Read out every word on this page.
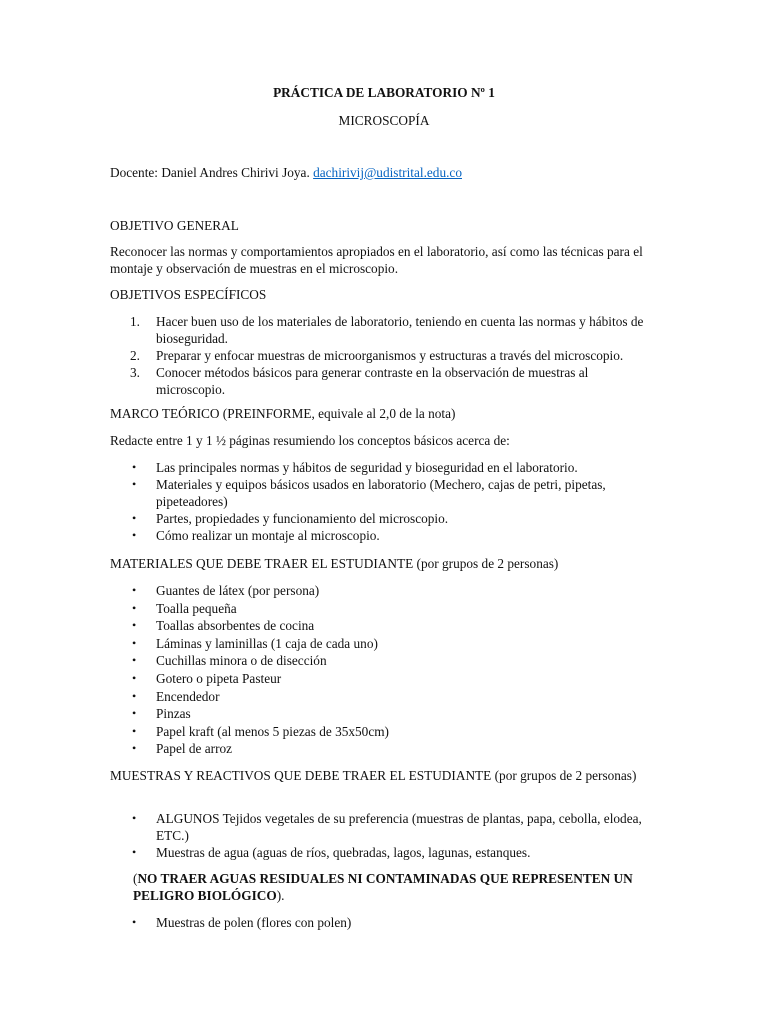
PRÁCTICA DE LABORATORIO Nº 1
MICROSCOPÍA
Docente: Daniel Andres Chirivi Joya. dachirivij@udistrital.edu.co
OBJETIVO GENERAL
Reconocer las normas y comportamientos apropiados en el laboratorio, así como las técnicas para el montaje y observación de muestras en el microscopio.
OBJETIVOS ESPECÍFICOS
1. Hacer buen uso de los materiales de laboratorio, teniendo en cuenta las normas y hábitos de bioseguridad.
2. Preparar y enfocar muestras de microorganismos y estructuras a través del microscopio.
3. Conocer métodos básicos para generar contraste en la observación de muestras al microscopio.
MARCO TEÓRICO (PREINFORME, equivale al 2,0 de la nota)
Redacte entre 1 y 1 ½ páginas resumiendo los conceptos básicos acerca de:
• Las principales normas y hábitos de seguridad y bioseguridad en el laboratorio.
• Materiales y equipos básicos usados en laboratorio (Mechero, cajas de petri, pipetas, pipeteadores)
• Partes, propiedades y funcionamiento del microscopio.
• Cómo realizar un montaje al microscopio.
MATERIALES QUE DEBE TRAER EL ESTUDIANTE (por grupos de 2 personas)
• Guantes de látex (por persona)
• Toalla pequeña
• Toallas absorbentes de cocina
• Láminas y laminillas (1 caja de cada uno)
• Cuchillas minora o de disección
• Gotero o pipeta Pasteur
• Encendedor
• Pinzas
• Papel kraft (al menos 5 piezas de 35x50cm)
• Papel de arroz
MUESTRAS Y REACTIVOS QUE DEBE TRAER EL ESTUDIANTE (por grupos de 2 personas)
• ALGUNOS Tejidos vegetales de su preferencia (muestras de plantas, papa, cebolla, elodea, ETC.)
• Muestras de agua (aguas de ríos, quebradas, lagos, lagunas, estanques.
(NO TRAER AGUAS RESIDUALES NI CONTAMINADAS QUE REPRESENTEN UN PELIGRO BIOLÓGICO).
• Muestras de polen (flores con polen)
